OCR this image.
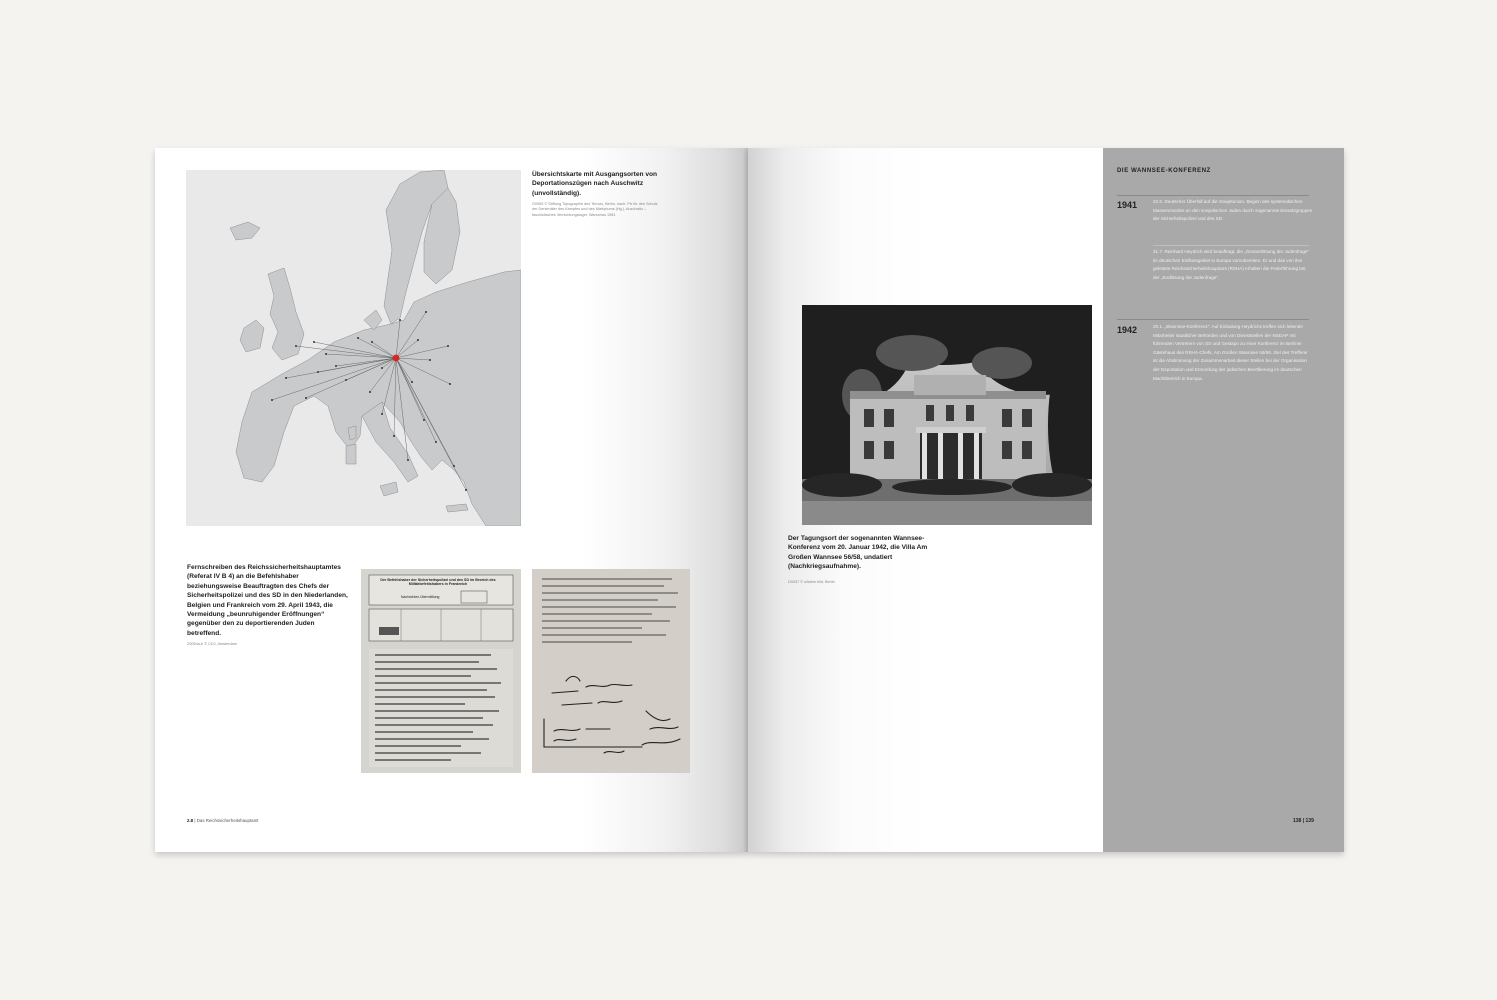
Übersichtskarte mit Ausgangsorten von Deportationszügen nach Auschwitz (unvollständig).
G0069 © Stiftung Topographie des Terrors, Berlin, nach: Ptr für den Schutz der Denkmäler des Kampfes und des Martyriums (Hg.), Auschwitz – faschistisches Vernichtungslager, Warschau 1981
Fernschreiben des Reichssicherheitshauptamtes (Referat IV B 4) an die Befehlshaber beziehungsweise Beauftragten des Chefs der Sicherheitspolizei und des SD in den Niederlanden, Belgien und Frankreich vom 29. April 1943, die Vermeidung „beunruhigender Eröffnungen“ gegenüber den zu deportierenden Juden betreffend.
Z0064a-b © CDJ, Amsterdam
Der Befehlshaber der Sicherheitspolizei und des SD im Bereich des Militärbefehlshabers in Frankreich
Nachrichten-Übermittlung
2.8 | Das Reichssicherheitshauptamt
Der Tagungsort der sogenannten Wannsee-Konferenz vom 20. Januar 1942, die Villa Am Großen Wannsee 56/58, undatiert (Nachkriegsaufnahme).
D0037 © ullstein bild, Berlin
DIE WANNSEE-KONFERENZ
1941	22.6. Deutscher Überfall auf die Sowjetunion, Beginn des systematischen Massenmordes an den sowjetischen Juden durch sogenannte Einsatzgruppen der Sicherheitspolizei und des SD.
31.7. Reinhard Heydrich wird beauftragt, die „Gesamtlösung der Judenfrage“ im deutschen Einflussgebiet in Europa vorzubereiten. Er und das von ihm geleitete Reichssicherheitshauptamt (RSHA) erhalten die Federführung bei der „Endlösung der Judenfrage“.
1942	20.1. „Wannsee-Konferenz“: Auf Einladung Heydrichs treffen sich leitende Mitarbeiter staatlicher Behörden und von Dienststellen der NSDAP mit führenden Vertretern von SS und Gestapo zu einer Konferenz im Berliner Gästehaus des RSHA-Chefs, Am Großen Wannsee 56/58. Ziel des Treffens ist die Abstimmung der Zusammenarbeit dieser Stellen bei der Organisation der Deportation und Ermordung der jüdischen Bevölkerung im deutschen Machtbereich in Europa.
138 | 139
